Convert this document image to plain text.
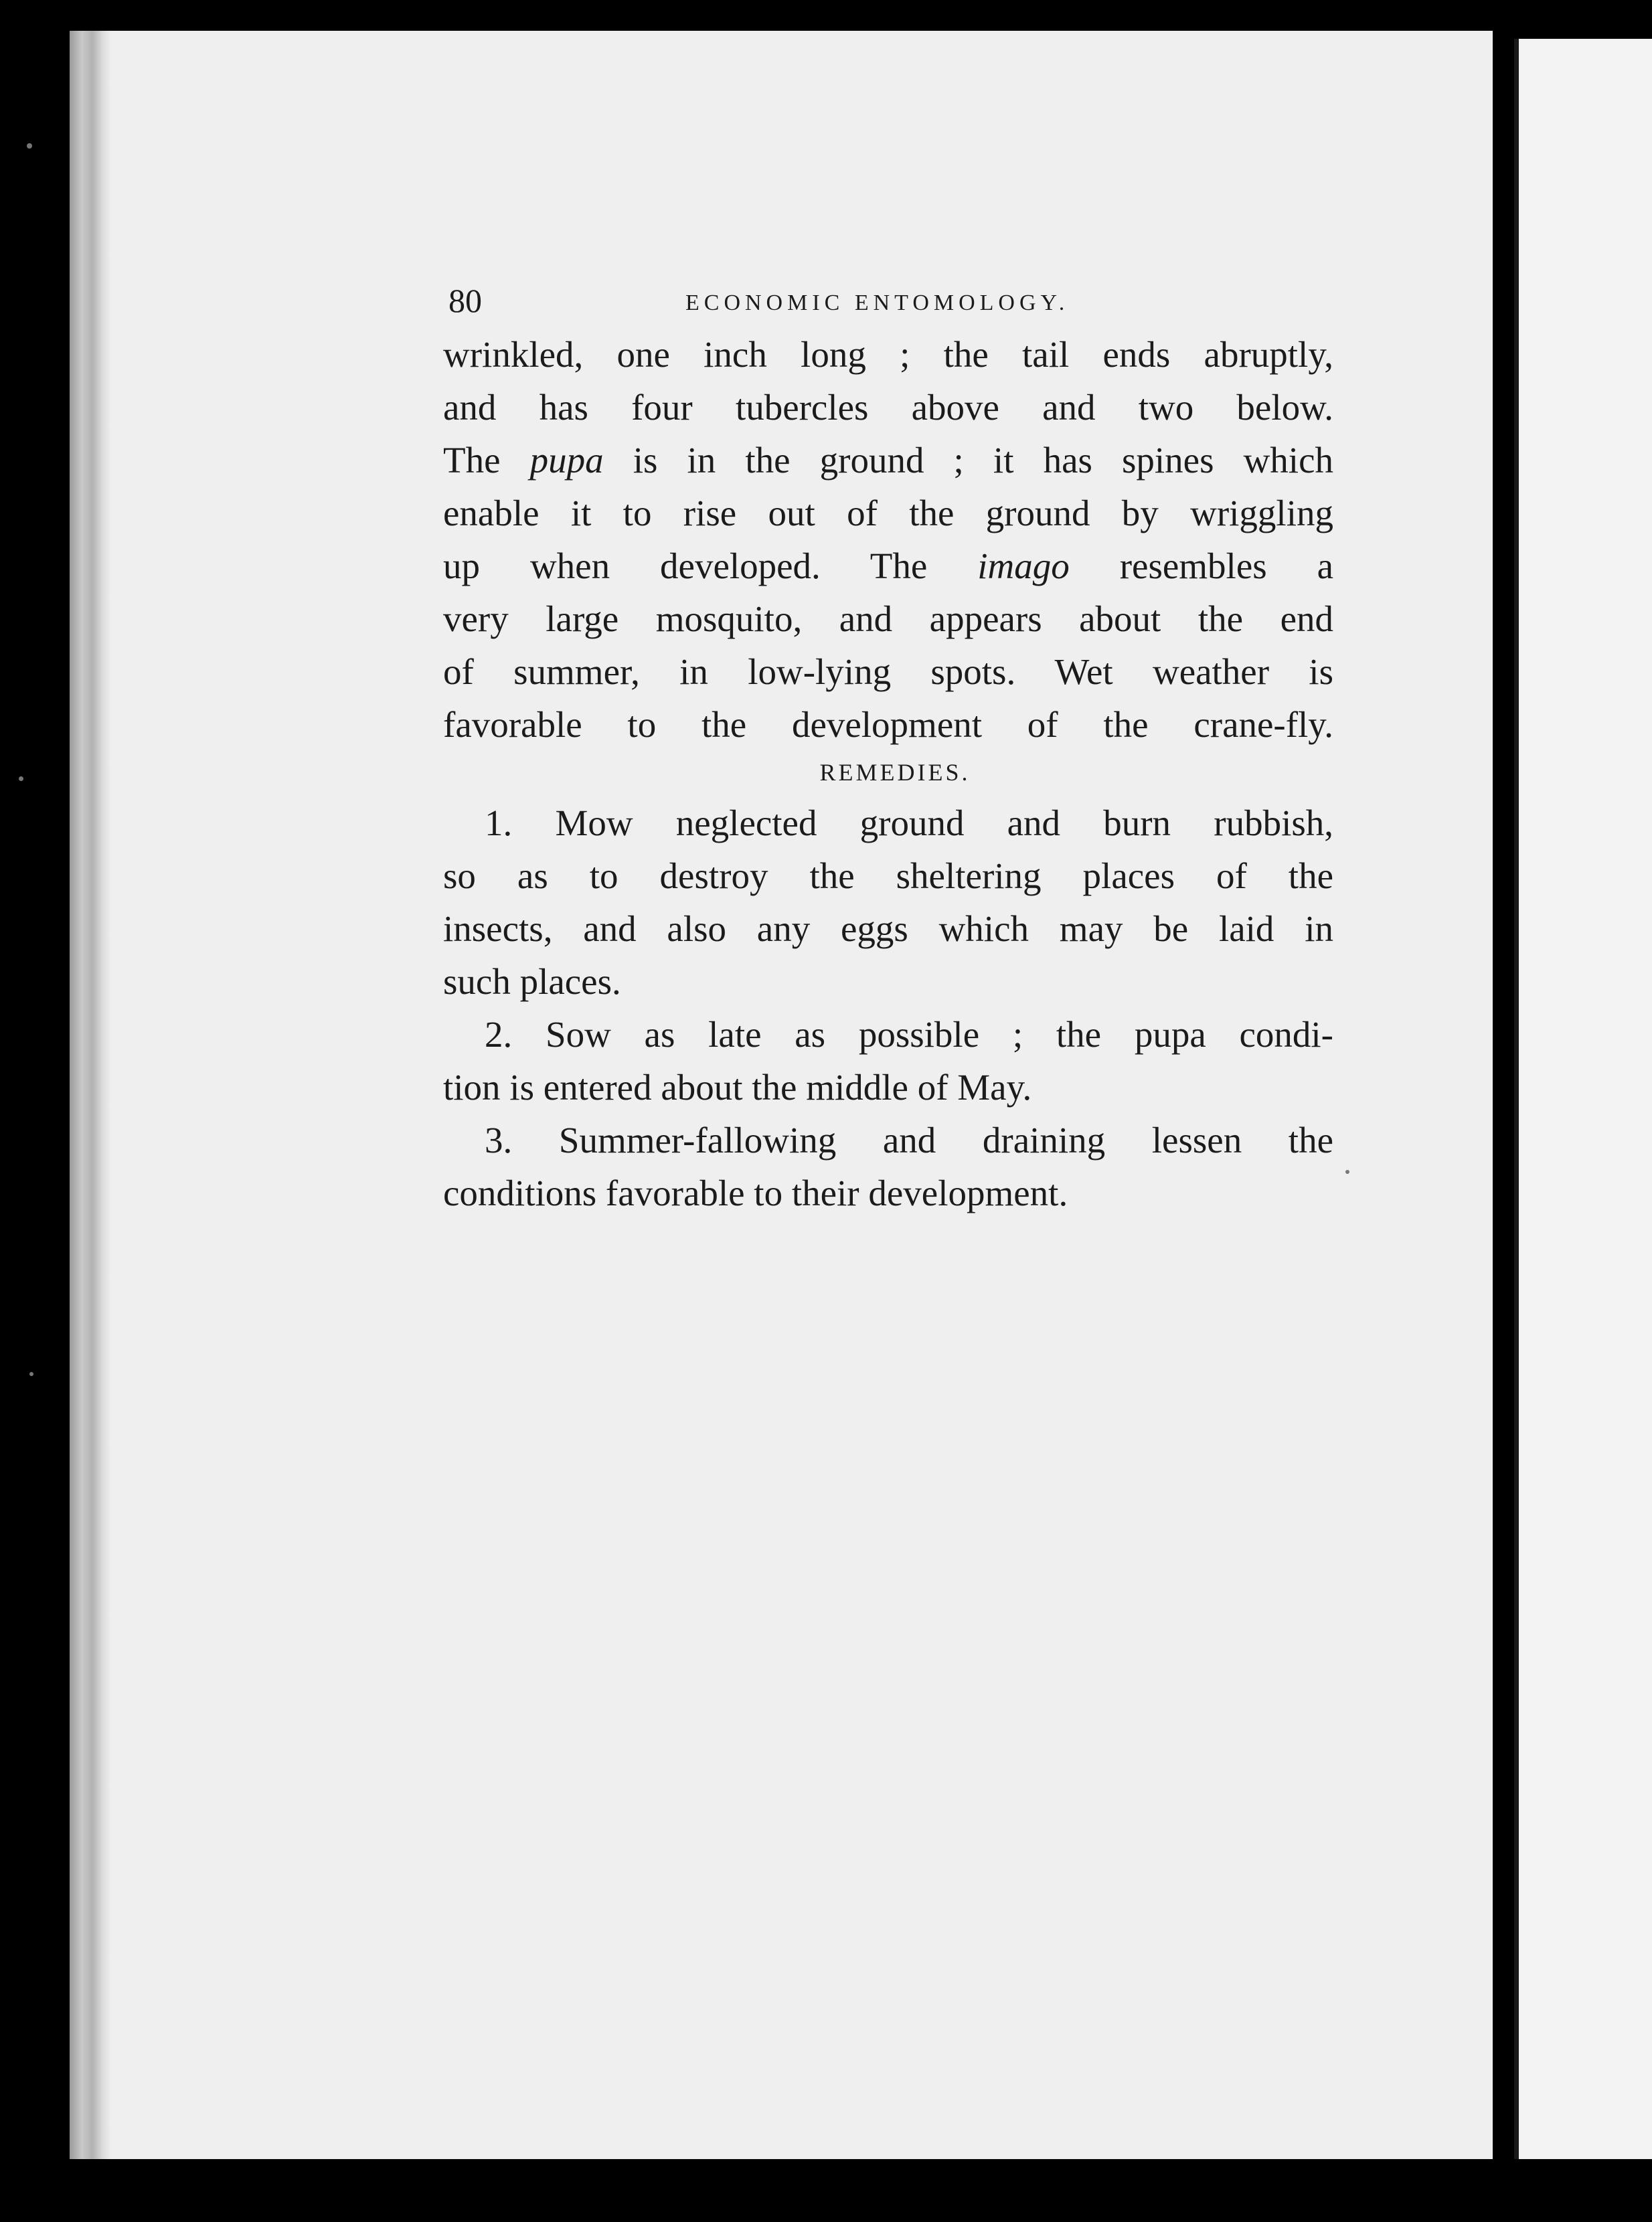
80	ECONOMIC ENTOMOLOGY.
wrinkled, one inch long ; the tail ends abruptly,
and has four tubercles above and two below.
The pupa is in the ground ; it has spines which
enable it to rise out of the ground by wriggling
up when developed. The imago resembles a
very large mosquito, and appears about the end
of summer, in low-lying spots. Wet weather is
favorable to the development of the crane-fly.
REMEDIES.
1. Mow neglected ground and burn rubbish,
so as to destroy the sheltering places of the
insects, and also any eggs which may be laid in
such places.
2. Sow as late as possible ; the pupa condi-
tion is entered about the middle of May.
3. Summer-fallowing and draining lessen the
conditions favorable to their development.
